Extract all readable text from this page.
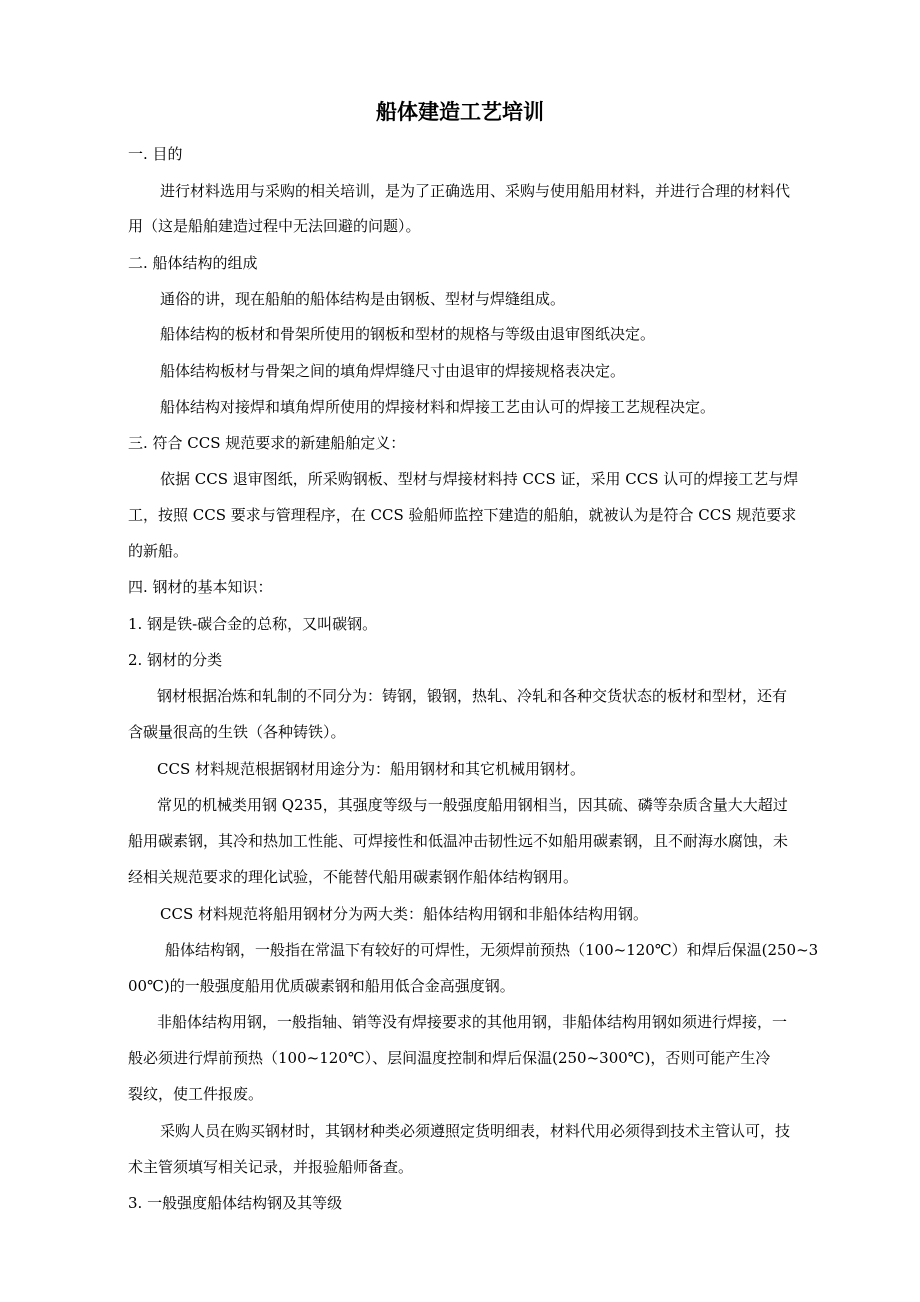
船体建造工艺培训
一. 目的
进行材料选用与采购的相关培训，是为了正确选用、采购与使用船用材料，并进行合理的材料代
用（这是船舶建造过程中无法回避的问题）。
二. 船体结构的组成
通俗的讲，现在船舶的船体结构是由钢板、型材与焊缝组成。
船体结构的板材和骨架所使用的钢板和型材的规格与等级由退审图纸决定。
船体结构板材与骨架之间的填角焊焊缝尺寸由退审的焊接规格表决定。
船体结构对接焊和填角焊所使用的焊接材料和焊接工艺由认可的焊接工艺规程决定。
三. 符合 CCS 规范要求的新建船舶定义：
依据 CCS 退审图纸，所采购钢板、型材与焊接材料持 CCS 证，采用 CCS 认可的焊接工艺与焊
工，按照 CCS 要求与管理程序，在 CCS 验船师监控下建造的船舶，就被认为是符合 CCS 规范要求
的新船。
四. 钢材的基本知识：
1. 钢是铁-碳合金的总称，又叫碳钢。
2. 钢材的分类
钢材根据冶炼和轧制的不同分为：铸钢，锻钢，热轧、冷轧和各种交货状态的板材和型材，还有
含碳量很高的生铁（各种铸铁）。
CCS 材料规范根据钢材用途分为：船用钢材和其它机械用钢材。
常见的机械类用钢 Q235，其强度等级与一般强度船用钢相当，因其硫、磷等杂质含量大大超过
船用碳素钢，其冷和热加工性能、可焊接性和低温冲击韧性远不如船用碳素钢，且不耐海水腐蚀，未
经相关规范要求的理化试验，不能替代船用碳素钢作船体结构钢用。
CCS 材料规范将船用钢材分为两大类：船体结构用钢和非船体结构用钢。
船体结构钢，一般指在常温下有较好的可焊性，无须焊前预热（100~120℃）和焊后保温(250~3
00℃)的一般强度船用优质碳素钢和船用低合金高强度钢。
非船体结构用钢，一般指轴、销等没有焊接要求的其他用钢，非船体结构用钢如须进行焊接，一
般必须进行焊前预热（100~120℃）、层间温度控制和焊后保温(250~300℃)，否则可能产生冷
裂纹，使工件报废。
采购人员在购买钢材时，其钢材种类必须遵照定货明细表，材料代用必须得到技术主管认可，技
术主管须填写相关记录，并报验船师备查。
3. 一般强度船体结构钢及其等级
